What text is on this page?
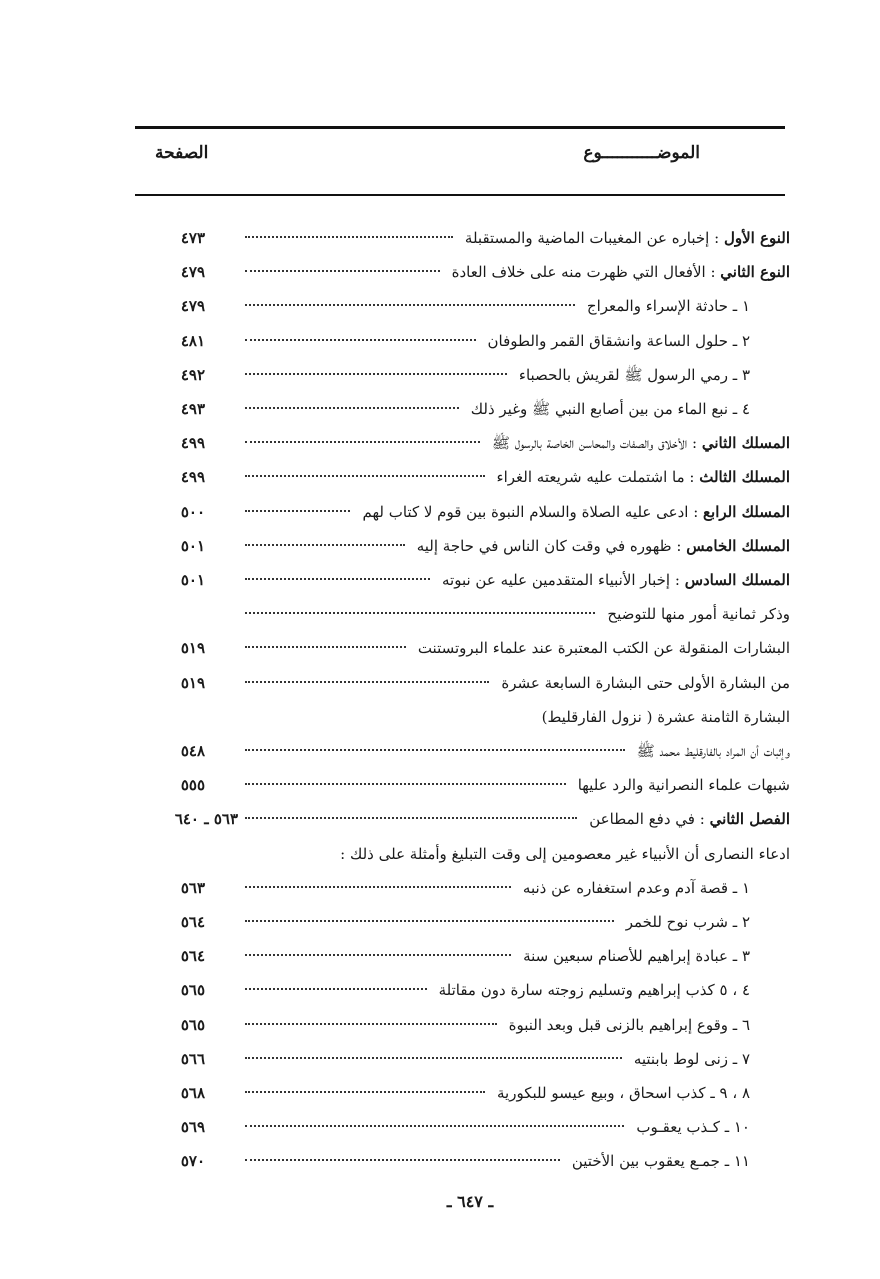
الموضـــــــــــوع
الصفحة
النوع الأول : إخباره عن المغيبات الماضية والمستقبلة
٤٧٣
النوع الثاني : الأفعال التي ظهرت منه على خلاف العادة
٤٧٩
١ ـ حادثة الإسراء والمعراج
٤٧٩
٢ ـ حلول الساعة وانشقاق القمر والطوفان
٤٨١
٣ ـ رمي الرسول ﷺ لقريش بالحصباء
٤٩٢
٤ ـ نبع الماء من بين أصابع النبي ﷺ وغير ذلك
٤٩٣
المسلك الثاني : الأخلاق والصفات والمحاسن الخاصة بالرسول ﷺ
٤٩٩
المسلك الثالث : ما اشتملت عليه شريعته الغراء
٤٩٩
المسلك الرابع : ادعى عليه الصلاة والسلام النبوة بين قوم لا كتاب لهم
٥٠٠
المسلك الخامس : ظهوره في وقت كان الناس في حاجة إليه
٥٠١
المسلك السادس : إخبار الأنبياء المتقدمين عليه عن نبوته
٥٠١
وذكر ثمانية أمور منها للتوضيح
البشارات المنقولة عن الكتب المعتبرة عند علماء البروتستنت
٥١٩
من البشارة الأولى حتى البشارة السابعة عشرة
٥١٩
البشارة الثامنة عشرة ( نزول الفارقليط)
وإثبات أن المراد بالفارقليط محمد ﷺ
٥٤٨
شبهات علماء النصرانية والرد عليها
٥٥٥
الفصل الثاني : في دفع المطاعن
٥٦٣ ـ ٦٤٠
ادعاء النصارى أن الأنبياء غير معصومين إلى وقت التبليغ وأمثلة على ذلك :
١ ـ قصة آدم وعدم استغفاره عن ذنبه
٥٦٣
٢ ـ شرب نوح للخمر
٥٦٤
٣ ـ عبادة إبراهيم للأصنام سبعين سنة
٥٦٤
٤ ، ٥ كذب إبراهيم وتسليم زوجته سارة دون مقاتلة
٥٦٥
٦ ـ وقوع إبراهيم بالزنى قبل وبعد النبوة
٥٦٥
٧ ـ زنى لوط بابنتيه
٥٦٦
٨ ، ٩ ـ كذب اسحاق ، وبيع عيسو للبكورية
٥٦٨
١٠ ـ كـذب يعقـوب
٥٦٩
١١ ـ جمـع يعقوب بين الأختين
٥٧٠
ـ ٦٤٧ ـ
